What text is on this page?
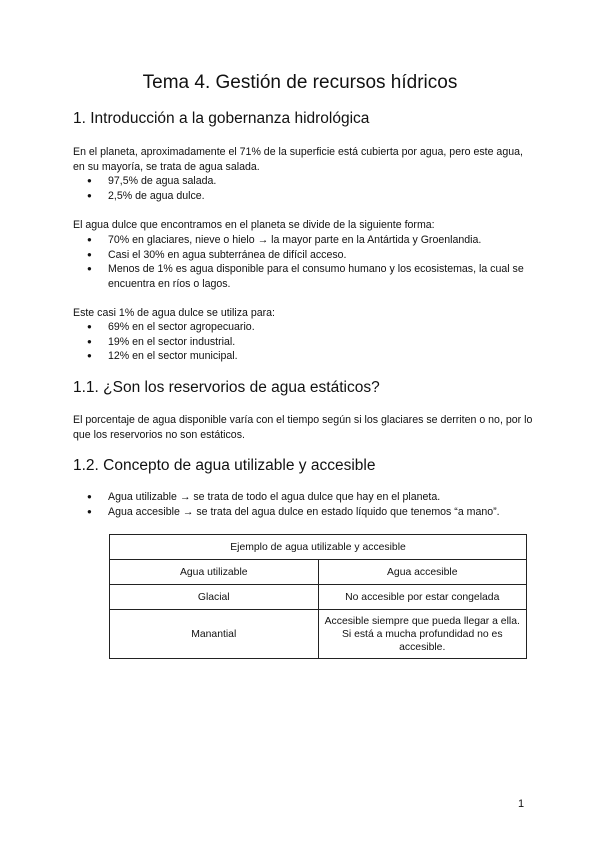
Tema 4. Gestión de recursos hídricos
1. Introducción a la gobernanza hidrológica

En el planeta, aproximadamente el 71% de la superficie está cubierta por agua, pero este agua, en su mayoría, se trata de agua salada.

● 97,5% de agua salada.
● 2,5% de agua dulce.

El agua dulce que encontramos en el planeta se divide de la siguiente forma:

● 70% en glaciares, nieve o hielo → la mayor parte en la Antártida y Groenlandia.
● Casi el 30% en agua subterránea de difícil acceso.
● Menos de 1% es agua disponible para el consumo humano y los ecosistemas, la cual se encuentra en ríos o lagos.

Este casi 1% de agua dulce se utiliza para:

● 69% en el sector agropecuario.
● 19% en el sector industrial.
● 12% en el sector municipal.
1.1. ¿Son los reservorios de agua estáticos?

El porcentaje de agua disponible varía con el tiempo según si los glaciares se derriten o no, por lo que los reservorios no son estáticos.

1.2. Concepto de agua utilizable y accesible
● Agua utilizable → se trata de todo el agua dulce que hay en el planeta.
● Agua accesible → se trata del agua dulce en estado líquido que tenemos “a mano”.
Ejemplo de agua utilizable y accesible	
Agua utilizable	Agua accesible
Glacial	No accesible por estar congelada
Manantial	Accesible siempre que pueda llegar a ella. Si está a mucha profundidad no es accesible.
1
